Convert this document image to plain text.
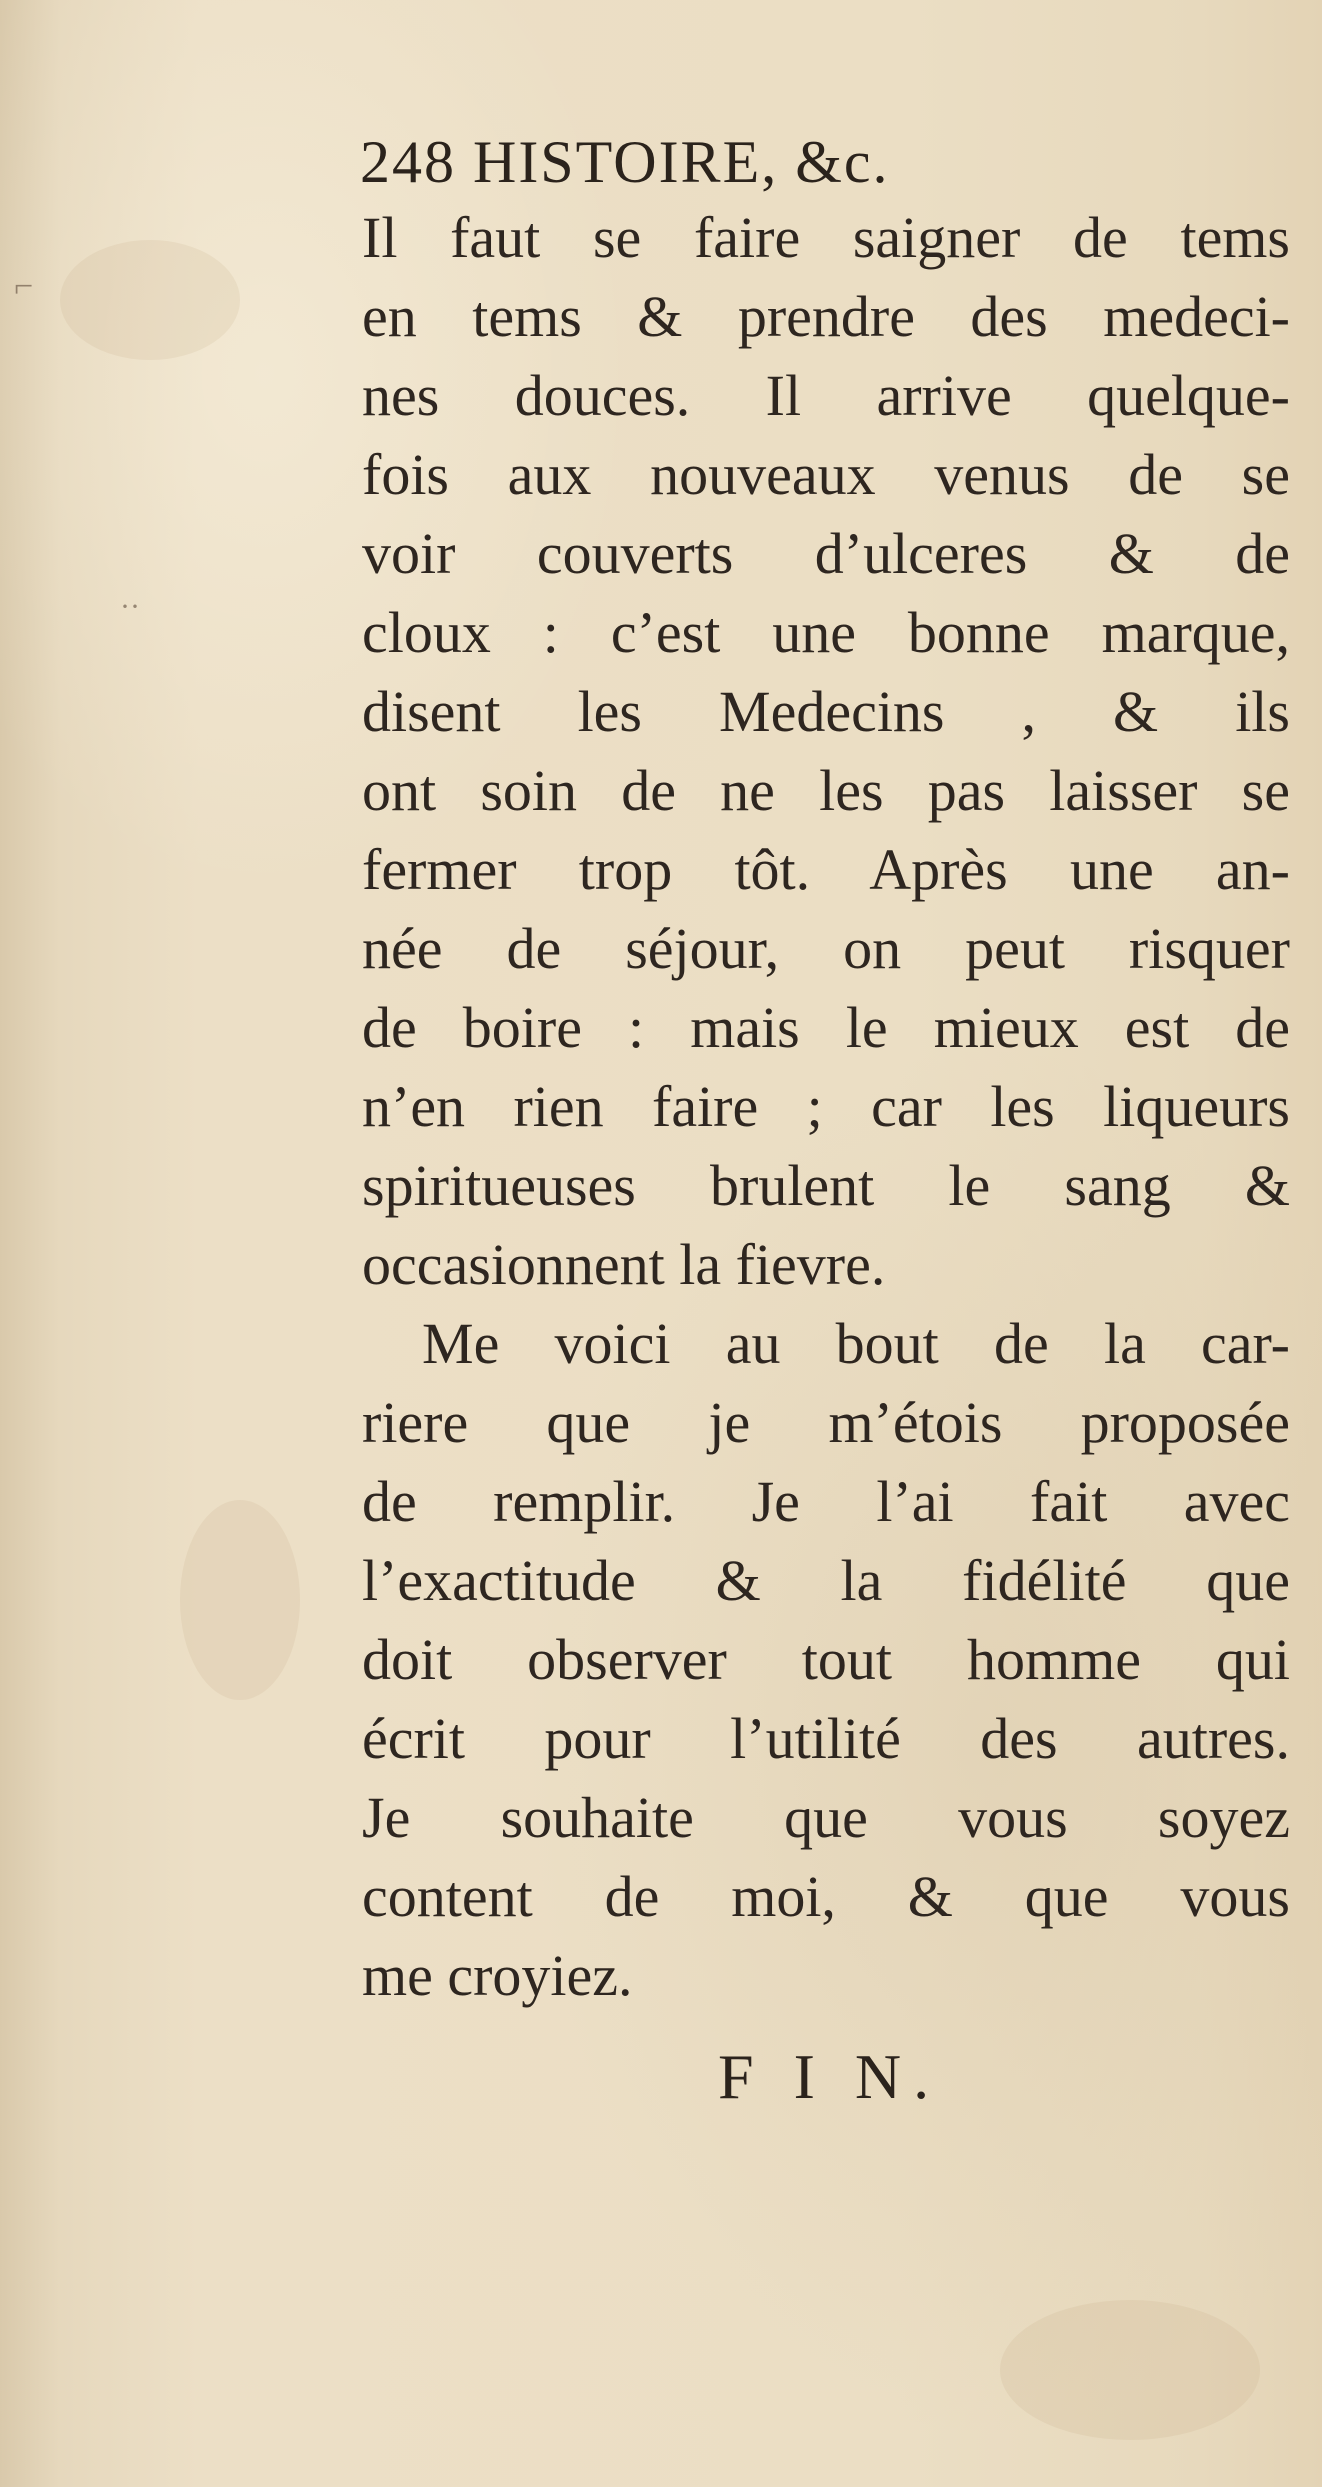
⌐
··

248 HISTOIRE, &c.
Il faut se faire saigner de tems
en tems & prendre des medeci-
nes douces. Il arrive quelque-
fois aux nouveaux venus de se
voir couverts d’ulceres & de
cloux : c’est une bonne marque,
disent les Medecins , & ils
ont soin de ne les pas laisser se
fermer trop tôt. Après une an-
née de séjour, on peut risquer
de boire : mais le mieux est de
n’en rien faire ; car les liqueurs
spiritueuses brulent le sang &
occasionnent la fievre.
Me voici au bout de la car-
riere que je m’étois proposée
de remplir. Je l’ai fait avec
l’exactitude & la fidélité que
doit observer tout homme qui
écrit pour l’utilité des autres.
Je souhaite que vous soyez
content de moi, & que vous
me croyiez.
F I N.
